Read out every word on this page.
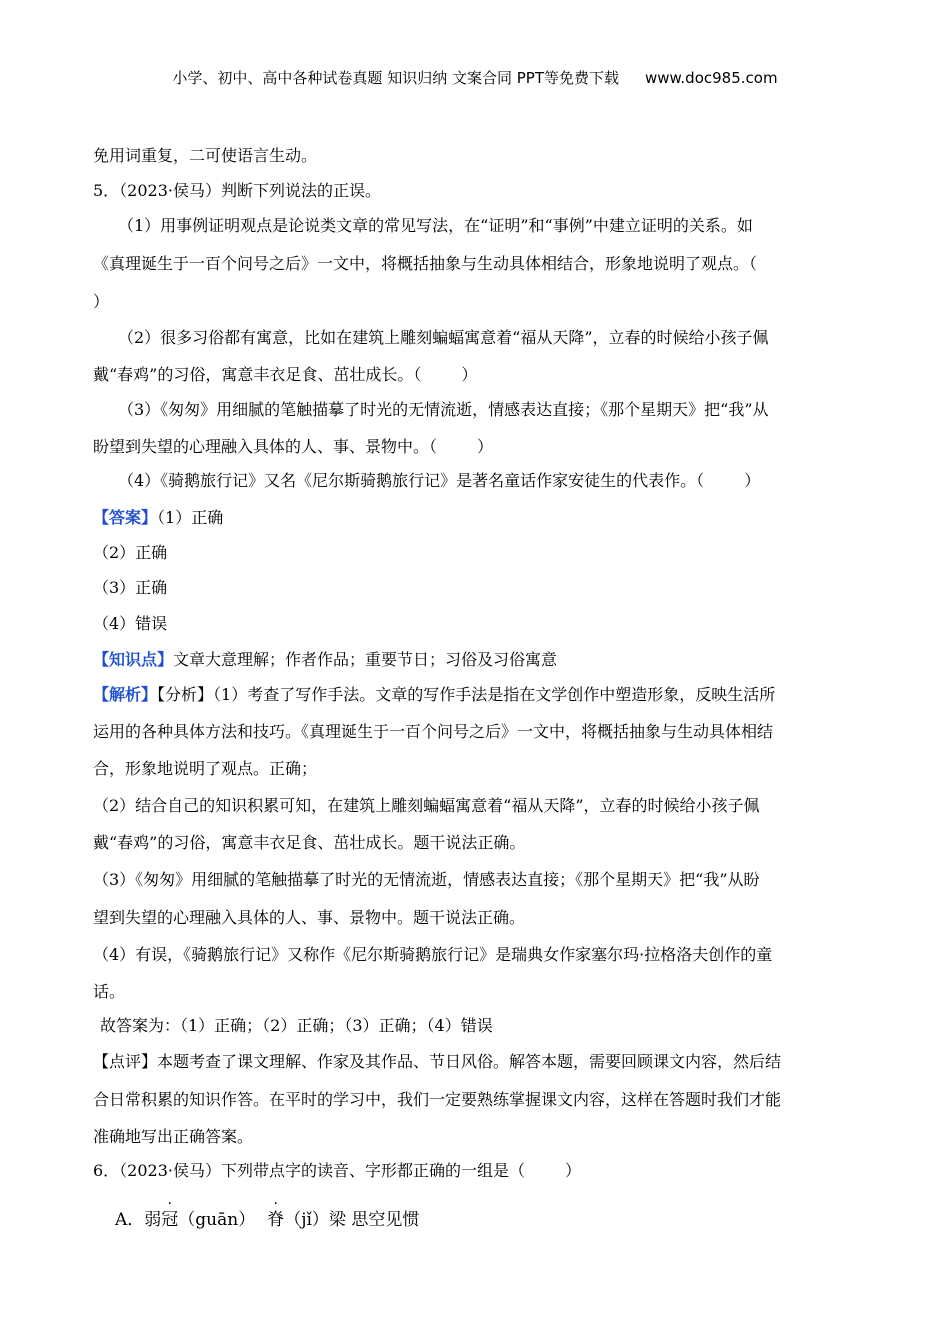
小学、初中、高中各种试卷真题 知识归纳 文案合同 PPT等免费下载 www.doc985.com
免用词重复，二可使语言生动。
5．（2023·侯马）判断下列说法的正误。
（1）用事例证明观点是论说类文章的常见写法，在“证明”和“事例”中建立证明的关系。如
《真理诞生于一百个问号之后》一文中，将概括抽象与生动具体相结合，形象地说明了观点。（
）
（2）很多习俗都有寓意，比如在建筑上雕刻蝙蝠寓意着“福从天降”，立春的时候给小孩子佩
戴“春鸡”的习俗，寓意丰衣足食、茁壮成长。（	）
（3）《匆匆》用细腻的笔触描摹了时光的无情流逝，情感表达直接；《那个星期天》把“我”从
盼望到失望的心理融入具体的人、事、景物中。（	）
（4）《骑鹅旅行记》又名《尼尔斯骑鹅旅行记》是著名童话作家安徒生的代表作。（	）
【答案】（1）正确
（2）正确
（3）正确
（4）错误
【知识点】文章大意理解；作者作品；重要节日；习俗及习俗寓意
【解析】【分析】（1）考查了写作手法。文章的写作手法是指在文学创作中塑造形象，反映生活所
运用的各种具体方法和技巧。《真理诞生于一百个问号之后》一文中，将概括抽象与生动具体相结
合，形象地说明了观点。正确；
（2）结合自己的知识积累可知，在建筑上雕刻蝙蝠寓意着“福从天降”，立春的时候给小孩子佩
戴“春鸡”的习俗，寓意丰衣足食、茁壮成长。题干说法正确。
（3）《匆匆》用细腻的笔触描摹了时光的无情流逝，情感表达直接；《那个星期天》把“我”从盼
望到失望的心理融入具体的人、事、景物中。题干说法正确。
（4）有误，《骑鹅旅行记》又称作《尼尔斯骑鹅旅行记》是瑞典女作家塞尔玛·拉格洛夫创作的童
话。
故答案为：（1）正确；（2）正确；（3）正确；（4）错误
【点评】本题考查了课文理解、作家及其作品、节日风俗。解答本题，需要回顾课文内容，然后结
合日常积累的知识作答。在平时的学习中，我们一定要熟练掌握课文内容，这样在答题时我们才能
准确地写出正确答案。
6．（2023·侯马）下列带点字的读音、字形都正确的一组是（	）
A．弱
·
冠（guān）
·
脊（jǐ）梁 思空见惯
